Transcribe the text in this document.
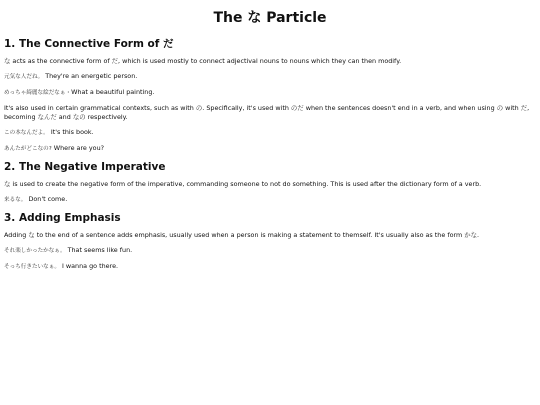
The な Particle
1. The Connective Form of だ

な acts as the connective form of だ, which is used mostly to connect adjectival nouns to nouns which they can then modify.

元気な人だね。 They're an energetic person.

めっちゃ綺麗な絵だなぁ・What a beautiful painting.

It's also used in certain grammatical contexts, such as with の. Specifically, it's used with のだ when the sentences doesn't end in a verb, and when using の with だ, becoming なんだ and なの respectively.

この本なんだよ。 It's this book.

あんたがどこなの? Where are you?

2. The Negative Imperative

な is used to create the negative form of the imperative, commanding someone to not do something. This is used after the dictionary form of a verb.

来るな。 Don't come.

3. Adding Emphasis

Adding な to the end of a sentence adds emphasis, usually used when a person is making a statement to themself. It's usually also as the form かな.

それ楽しかったかなぁ。 That seems like fun.

そっち行きたいなぁ。 I wanna go there.
